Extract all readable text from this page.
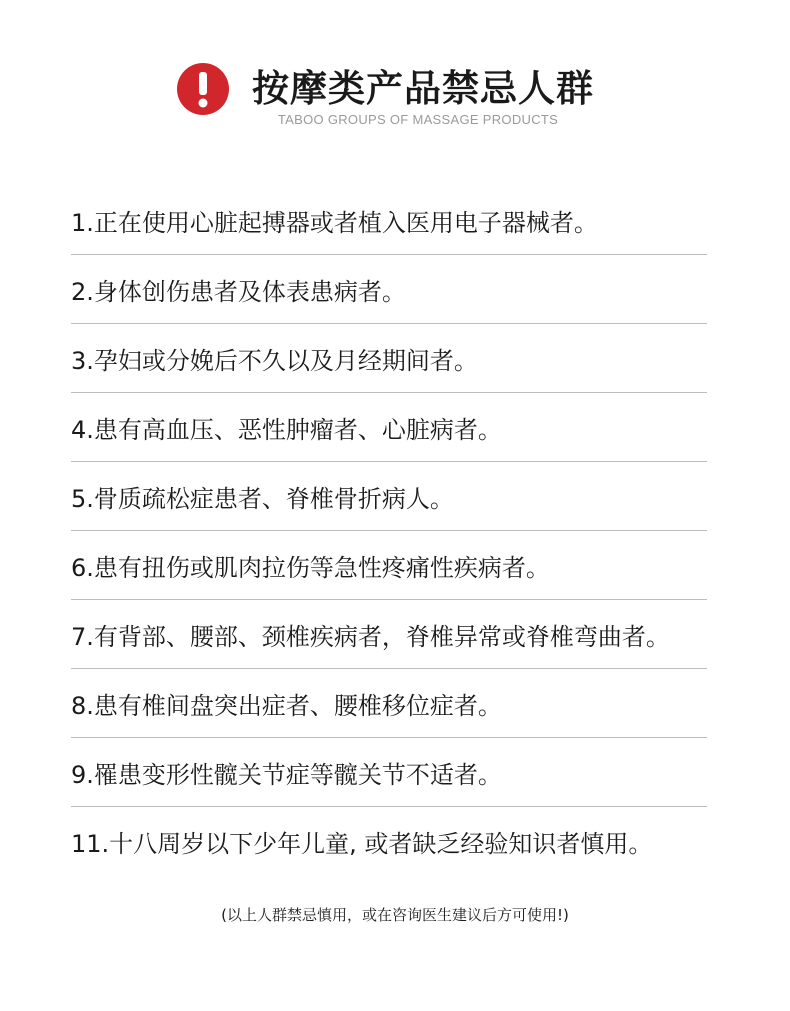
按摩类产品禁忌人群
TABOO GROUPS OF MASSAGE PRODUCTS
1.正在使用心脏起搏器或者植入医用电子器械者。
2.身体创伤患者及体表患病者。
3.孕妇或分娩后不久以及月经期间者。
4.患有高血压、恶性肿瘤者、心脏病者。
5.骨质疏松症患者、脊椎骨折病人。
6.患有扭伤或肌肉拉伤等急性疼痛性疾病者。
7.有背部、腰部、颈椎疾病者，脊椎异常或脊椎弯曲者。
8.患有椎间盘突出症者、腰椎移位症者。
9.罹患变形性髋关节症等髋关节不适者。
11.十八周岁以下少年儿童, 或者缺乏经验知识者慎用。
(以上人群禁忌慎用，或在咨询医生建议后方可使用!)
